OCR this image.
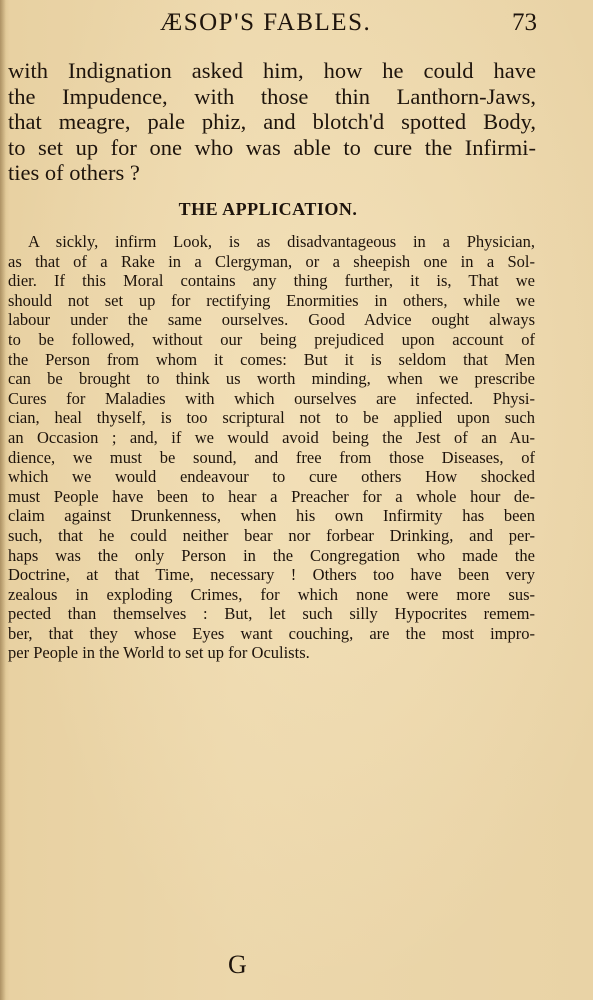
ÆSOP'S FABLES.	73
with Indignation asked him, how he could have
the Impudence, with those thin Lanthorn-Jaws,
that meagre, pale phiz, and blotch'd spotted Body,
to set up for one who was able to cure the Infirmi-
ties of others ?
THE APPLICATION.
A sickly, infirm Look, is as disadvantageous in a Physician,
as that of a Rake in a Clergyman, or a sheepish one in a Sol-
dier. If this Moral contains any thing further, it is, That we
should not set up for rectifying Enormities in others, while we
labour under the same ourselves. Good Advice ought always
to be followed, without our being prejudiced upon account of
the Person from whom it comes: But it is seldom that Men
can be brought to think us worth minding, when we prescribe
Cures for Maladies with which ourselves are infected. Physi-
cian, heal thyself, is too scriptural not to be applied upon such
an Occasion ; and, if we would avoid being the Jest of an Au-
dience, we must be sound, and free from those Diseases, of
which we would endeavour to cure others How shocked
must People have been to hear a Preacher for a whole hour de-
claim against Drunkenness, when his own Infirmity has been
such, that he could neither bear nor forbear Drinking, and per-
haps was the only Person in the Congregation who made the
Doctrine, at that Time, necessary ! Others too have been very
zealous in exploding Crimes, for which none were more sus-
pected than themselves : But, let such silly Hypocrites remem-
ber, that they whose Eyes want couching, are the most impro-
per People in the World to set up for Oculists.
G
